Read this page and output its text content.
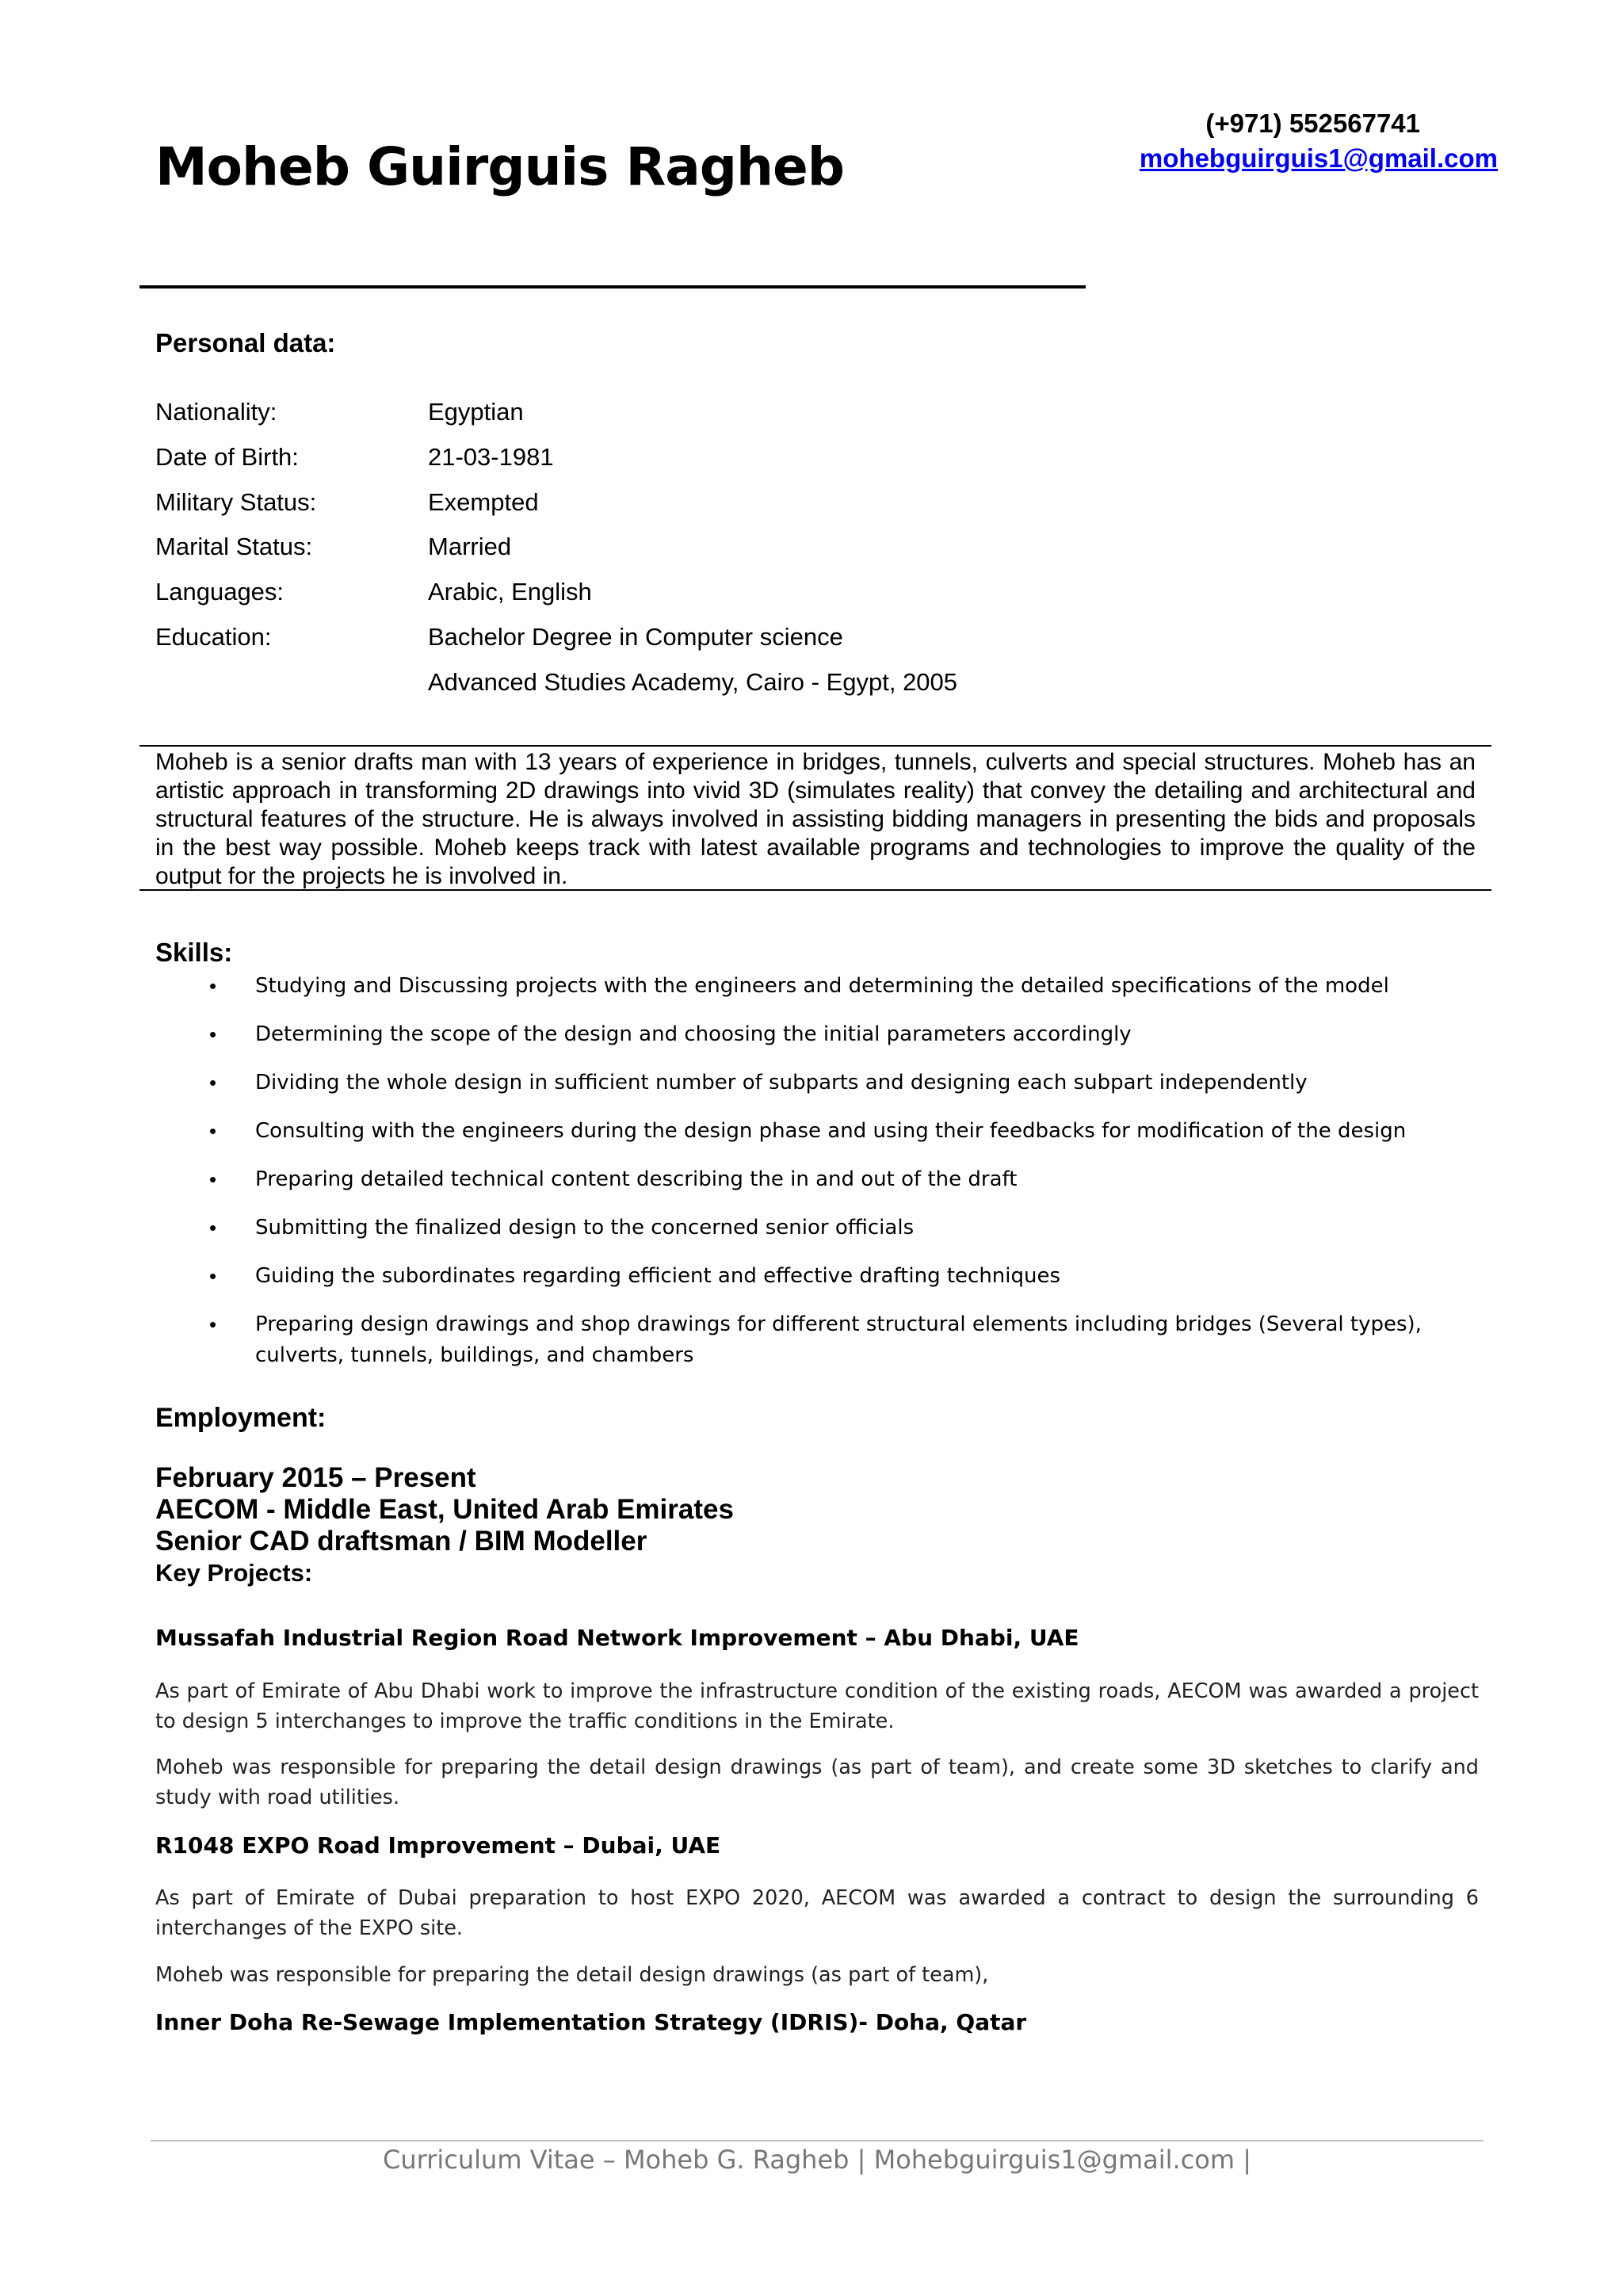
Moheb Guirguis Ragheb
(+971) 552567741
mohebguirguis1@gmail.com
Personal data:
Nationality:	Egyptian
Date of Birth:	21-03-1981
Military Status:	Exempted
Marital Status:	Married
Languages:	Arabic, English
Education:	Bachelor Degree in Computer science
Advanced Studies Academy, Cairo - Egypt, 2005

Moheb is a senior drafts man with 13 years of experience in bridges, tunnels, culverts and special structures. Moheb has an artistic approach in transforming 2D drawings into vivid 3D (simulates reality) that convey the detailing and architectural and structural features of the structure. He is always involved in assisting bidding managers in presenting the bids and proposals in the best way possible. Moheb keeps track with latest available programs and technologies to improve the quality of the output for the projects he is involved in.

Skills:
• Studying and Discussing projects with the engineers and determining the detailed specifications of the model
• Determining the scope of the design and choosing the initial parameters accordingly
• Dividing the whole design in sufficient number of subparts and designing each subpart independently
• Consulting with the engineers during the design phase and using their feedbacks for modification of the design
• Preparing detailed technical content describing the in and out of the draft
• Submitting the finalized design to the concerned senior officials
• Guiding the subordinates regarding efficient and effective drafting techniques
• Preparing design drawings and shop drawings for different structural elements including bridges (Several types), culverts, tunnels, buildings, and chambers
Employment:
February 2015 – Present
AECOM - Middle East, United Arab Emirates
Senior CAD draftsman / BIM Modeller
Key Projects:
Mussafah Industrial Region Road Network Improvement – Abu Dhabi, UAE
As part of Emirate of Abu Dhabi work to improve the infrastructure condition of the existing roads, AECOM was awarded a project to design 5 interchanges to improve the traffic conditions in the Emirate.
Moheb was responsible for preparing the detail design drawings (as part of team), and create some 3D sketches to clarify and study with road utilities.
R1048 EXPO Road Improvement – Dubai, UAE
As part of Emirate of Dubai preparation to host EXPO 2020, AECOM was awarded a contract to design the surrounding 6 interchanges of the EXPO site.
Moheb was responsible for preparing the detail design drawings (as part of team),
Inner Doha Re-Sewage Implementation Strategy (IDRIS)- Doha, Qatar
Curriculum Vitae – Moheb G. Ragheb | Mohebguirguis1@gmail.com |
